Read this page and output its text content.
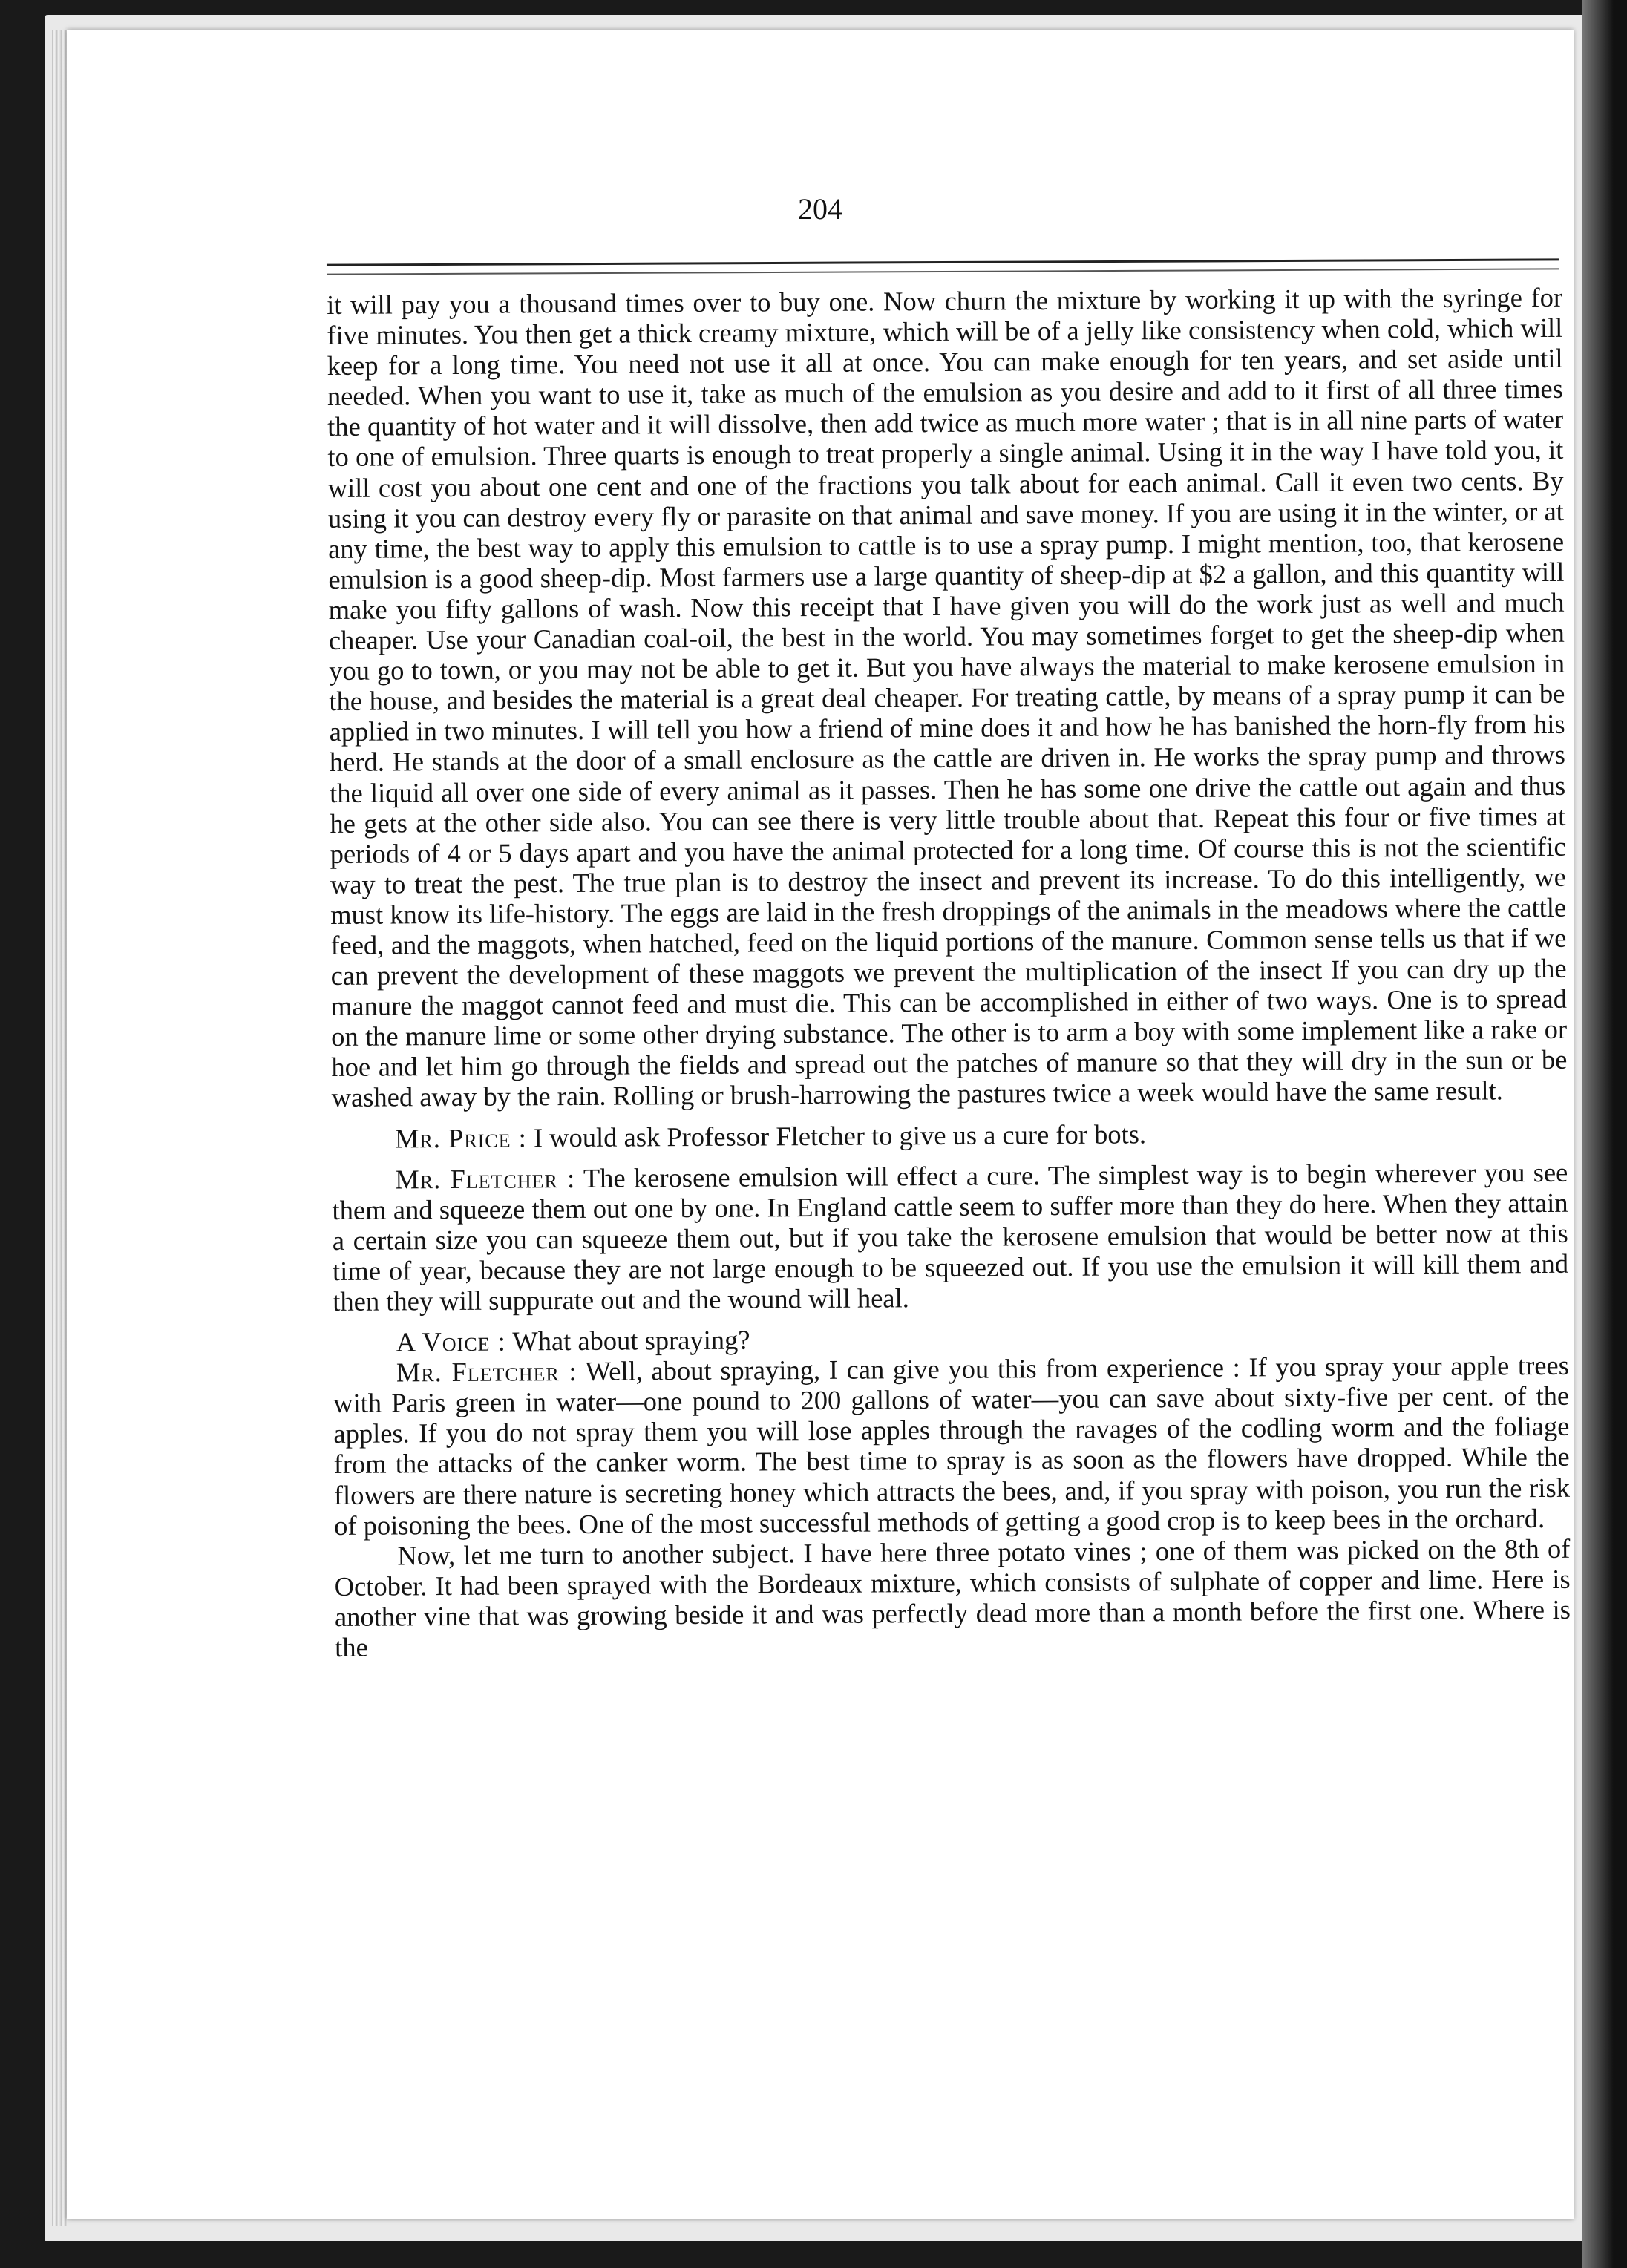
204

it will pay you a thousand times over to buy one. Now churn the mixture by working it up with the syringe for five minutes. You then get a thick creamy mixture, which will be of a jelly like consistency when cold, which will keep for a long time. You need not use it all at once. You can make enough for ten years, and set aside until needed. When you want to use it, take as much of the emulsion as you desire and add to it first of all three times the quantity of hot water and it will dissolve, then add twice as much more water ; that is in all nine parts of water to one of emulsion. Three quarts is enough to treat properly a single animal. Using it in the way I have told you, it will cost you about one cent and one of the fractions you talk about for each animal. Call it even two cents. By using it you can destroy every fly or parasite on that animal and save money. If you are using it in the winter, or at any time, the best way to apply this emulsion to cattle is to use a spray pump. I might mention, too, that kerosene emulsion is a good sheep-dip. Most farmers use a large quantity of sheep-dip at $2 a gallon, and this quantity will make you fifty gallons of wash. Now this receipt that I have given you will do the work just as well and much cheaper. Use your Canadian coal-oil, the best in the world. You may sometimes forget to get the sheep-dip when you go to town, or you may not be able to get it. But you have always the material to make kerosene emulsion in the house, and besides the material is a great deal cheaper. For treating cattle, by means of a spray pump it can be applied in two minutes. I will tell you how a friend of mine does it and how he has banished the horn-fly from his herd. He stands at the door of a small enclosure as the cattle are driven in. He works the spray pump and throws the liquid all over one side of every animal as it passes. Then he has some one drive the cattle out again and thus he gets at the other side also. You can see there is very little trouble about that. Repeat this four or five times at periods of 4 or 5 days apart and you have the animal protected for a long time. Of course this is not the scientific way to treat the pest. The true plan is to destroy the insect and prevent its increase. To do this intelligently, we must know its life-history. The eggs are laid in the fresh droppings of the animals in the meadows where the cattle feed, and the maggots, when hatched, feed on the liquid portions of the manure. Common sense tells us that if we can prevent the development of these maggots we prevent the multiplication of the insect If you can dry up the manure the maggot cannot feed and must die. This can be accomplished in either of two ways. One is to spread on the manure lime or some other drying substance. The other is to arm a boy with some implement like a rake or hoe and let him go through the fields and spread out the patches of manure so that they will dry in the sun or be washed away by the rain. Rolling or brush-harrowing the pastures twice a week would have the same result.

Mr. Price : I would ask Professor Fletcher to give us a cure for bots.

Mr. Fletcher : The kerosene emulsion will effect a cure. The simplest way is to begin wherever you see them and squeeze them out one by one. In England cattle seem to suffer more than they do here. When they attain a certain size you can squeeze them out, but if you take the kerosene emulsion that would be better now at this time of year, because they are not large enough to be squeezed out. If you use the emulsion it will kill them and then they will suppurate out and the wound will heal.

A Voice : What about spraying?

Mr. Fletcher : Well, about spraying, I can give you this from experience : If you spray your apple trees with Paris green in water—one pound to 200 gallons of water—you can save about sixty-five per cent. of the apples. If you do not spray them you will lose apples through the ravages of the codling worm and the foliage from the attacks of the canker worm. The best time to spray is as soon as the flowers have dropped. While the flowers are there nature is secreting honey which attracts the bees, and, if you spray with poison, you run the risk of poisoning the bees. One of the most successful methods of getting a good crop is to keep bees in the orchard.

Now, let me turn to another subject. I have here three potato vines ; one of them was picked on the 8th of October. It had been sprayed with the Bordeaux mixture, which consists of sulphate of copper and lime. Here is another vine that was growing beside it and was perfectly dead more than a month before the first one. Where is the
